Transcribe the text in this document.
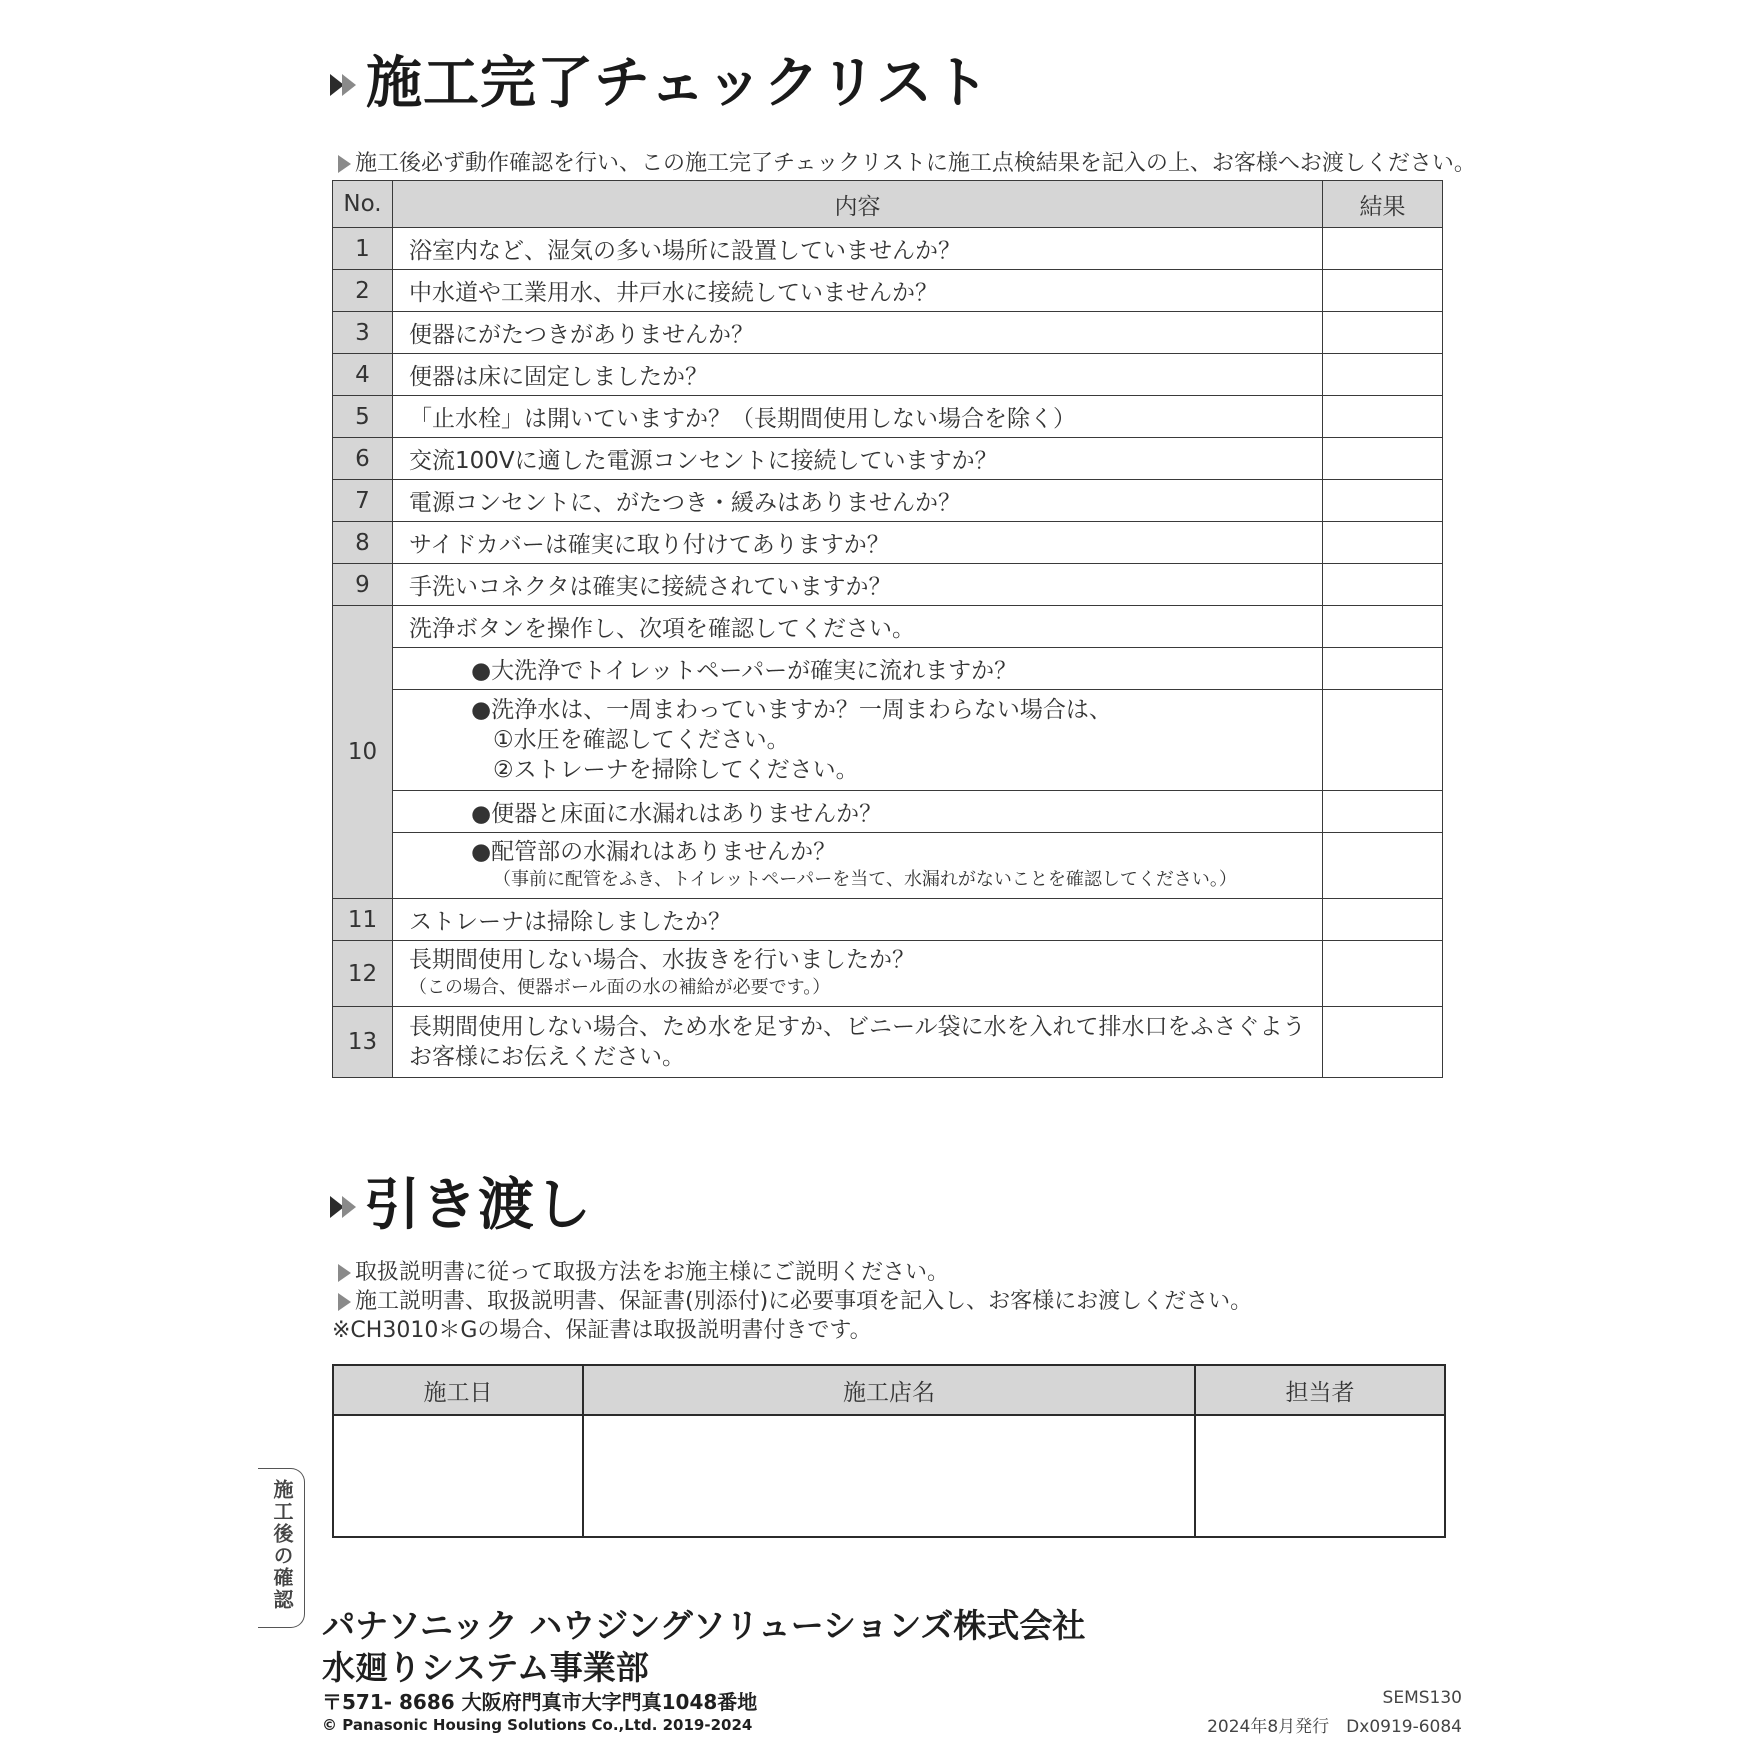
施工完了チェックリスト
施工後必ず動作確認を行い、この施工完了チェックリストに施工点検結果を記入の上、お客様へお渡しください。
No.	内容	結果
1	浴室内など、湿気の多い場所に設置していませんか？	
2	中水道や工業用水、井戸水に接続していませんか？	
3	便器にがたつきがありませんか？	
4	便器は床に固定しましたか？	
5	「止水栓」は開いていますか？（長期間使用しない場合を除く）	
6	交流100Vに適した電源コンセントに接続していますか？	
7	電源コンセントに、がたつき・緩みはありませんか？	
8	サイドカバーは確実に取り付けてありますか？	
9	手洗いコネクタは確実に接続されていますか？	
10	洗浄ボタンを操作し、次項を確認してください。	
	●大洗浄でトイレットペーパーが確実に流れますか？	

	●洗浄水は、一周まわっていますか？一周まわらない場合は、
①水圧を確認してください。
②ストレーナを掃除してください。	

	●便器と床面に水漏れはありませんか？	

	●配管部の水漏れはありませんか？
（事前に配管をふき、トイレットペーパーを当て、水漏れがないことを確認してください。）	

11	ストレーナは掃除しましたか？	
12	長期間使用しない場合、水抜きを行いましたか？
（この場合、便器ボール面の水の補給が必要です。）	

13	長期間使用しない場合、ため水を足すか、ビニール袋に水を入れて排水口をふさぐよう
お客様にお伝えください。	

引き渡し
取扱説明書に従って取扱方法をお施主様にご説明ください。
施工説明書、取扱説明書、保証書(別添付)に必要事項を記入し、お客様にお渡しください。
※CH3010＊Gの場合、保証書は取扱説明書付きです。
施工日	施工店名	担当者

施工後の確認
パナソニック ハウジングソリューションズ株式会社
水廻りシステム事業部
〒571- 8686 大阪府門真市大字門真1048番地
© Panasonic Housing Solutions Co.,Ltd. 2019-2024
SEMS130
2024年8月発行　Dx0919-6084
